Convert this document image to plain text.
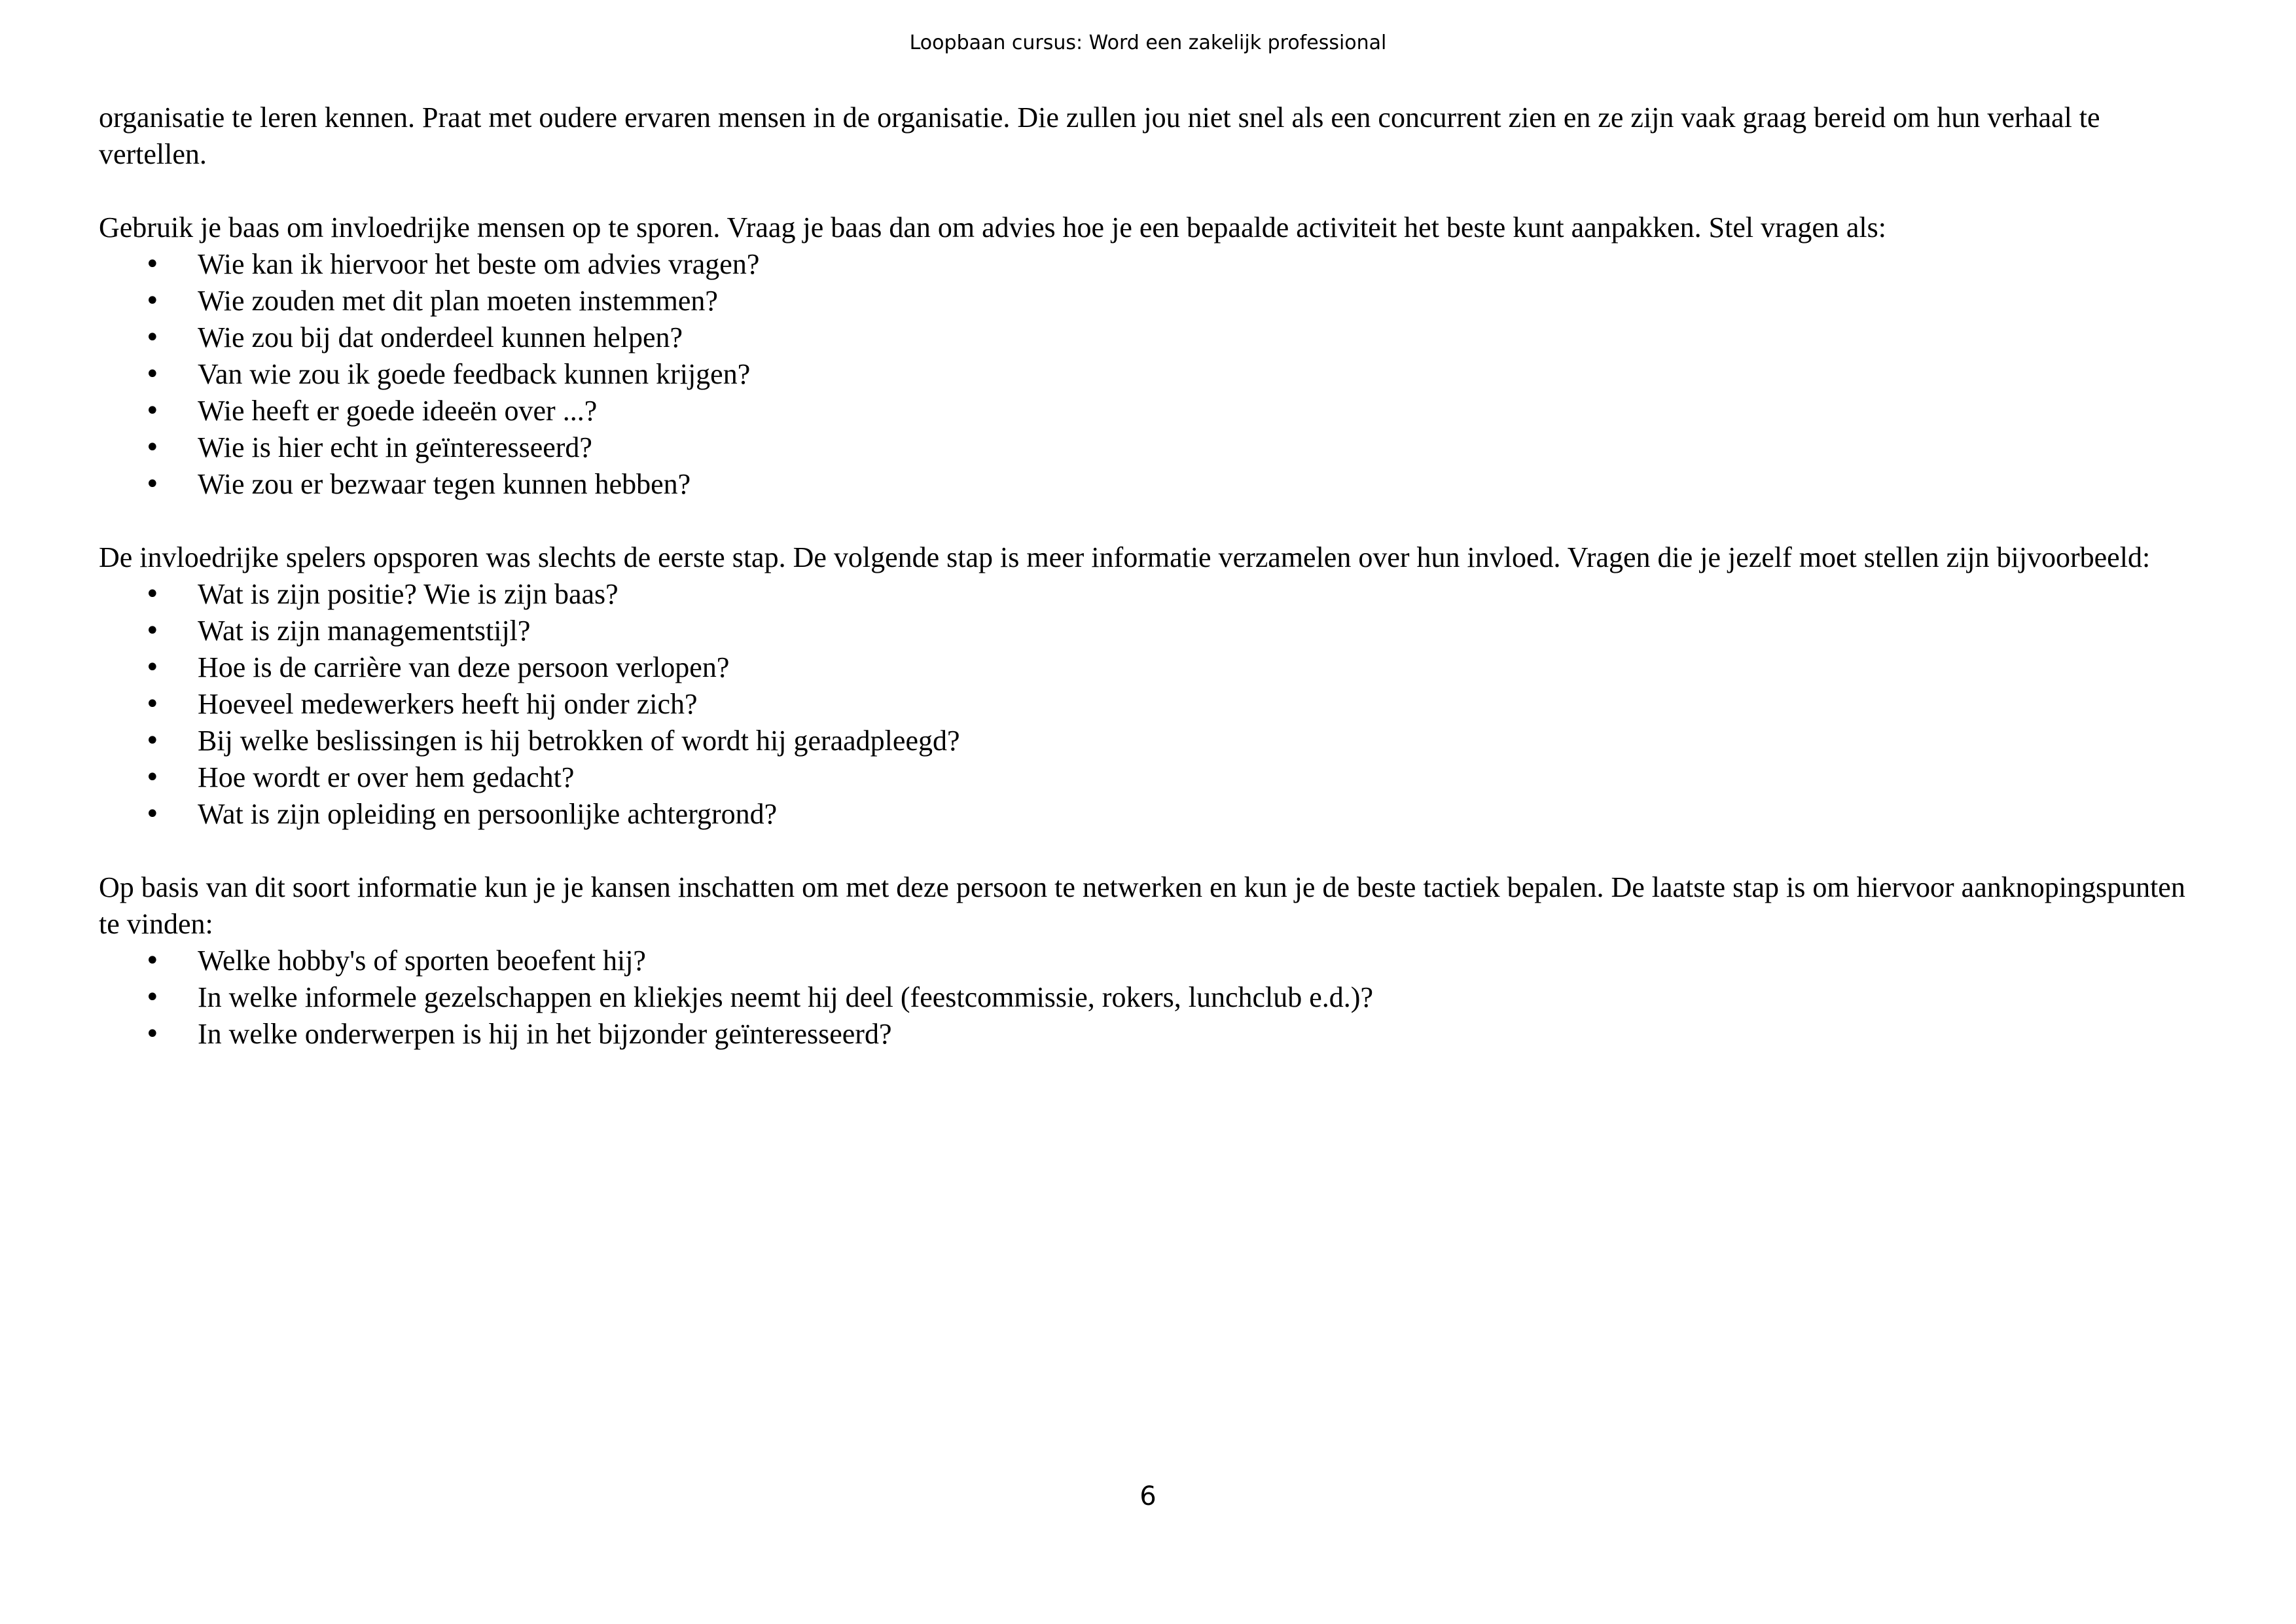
Loopbaan cursus: Word een zakelijk professional

organisatie te leren kennen. Praat met oudere ervaren mensen in de organisatie. Die zullen jou niet snel als een concurrent zien en ze zijn vaak graag bereid om hun verhaal te vertellen.

Gebruik je baas om invloedrijke mensen op te sporen. Vraag je baas dan om advies hoe je een bepaalde activiteit het beste kunt aanpakken. Stel vragen als:

• Wie kan ik hiervoor het beste om advies vragen?
• Wie zouden met dit plan moeten instemmen?
• Wie zou bij dat onderdeel kunnen helpen?
• Van wie zou ik goede feedback kunnen krijgen?
• Wie heeft er goede ideeën over ...?
• Wie is hier echt in geïnteresseerd?
• Wie zou er bezwaar tegen kunnen hebben?

De invloedrijke spelers opsporen was slechts de eerste stap. De volgende stap is meer informatie verzamelen over hun invloed. Vragen die je jezelf moet stellen zijn bijvoorbeeld:

• Wat is zijn positie? Wie is zijn baas?
• Wat is zijn managementstijl?
• Hoe is de carrière van deze persoon verlopen?
• Hoeveel medewerkers heeft hij onder zich?
• Bij welke beslissingen is hij betrokken of wordt hij geraadpleegd?
• Hoe wordt er over hem gedacht?
• Wat is zijn opleiding en persoonlijke achtergrond?

Op basis van dit soort informatie kun je je kansen inschatten om met deze persoon te netwerken en kun je de beste tactiek bepalen. De laatste stap is om hiervoor aanknopingspunten te vinden:

• Welke hobby's of sporten beoefent hij?
• In welke informele gezelschappen en kliekjes neemt hij deel (feestcommissie, rokers, lunchclub e.d.)?
• In welke onderwerpen is hij in het bijzonder geïnteresseerd?
6
